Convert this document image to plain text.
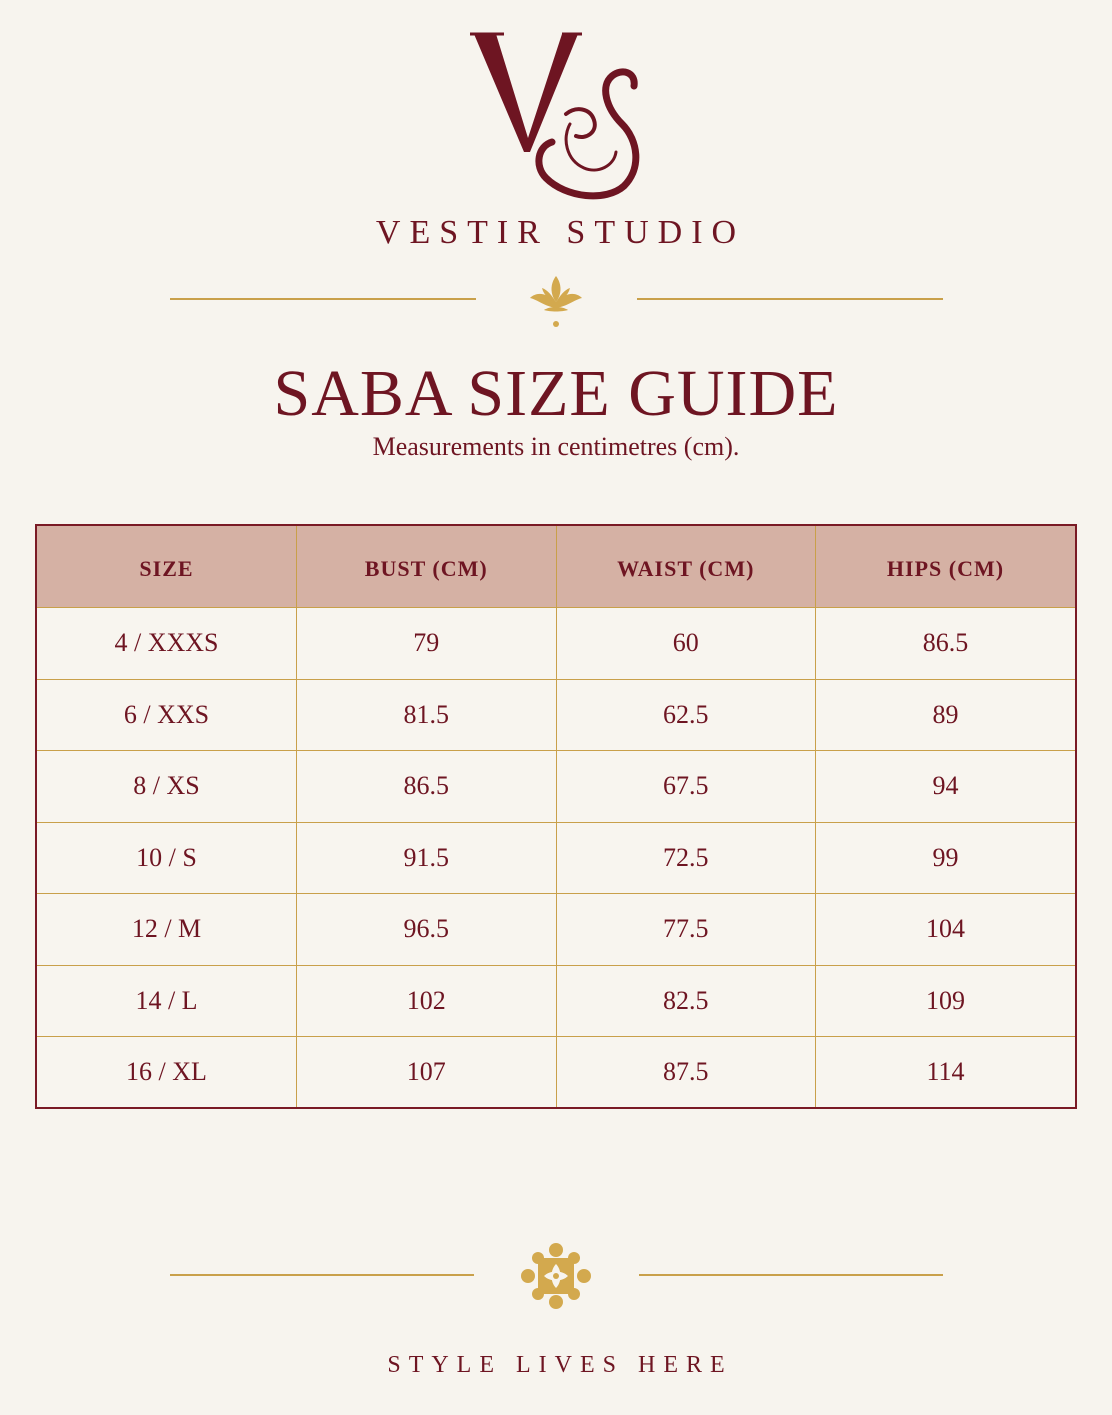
VESTIR STUDIO
SABA SIZE GUIDE
Measurements in centimetres (cm).
SIZE	BUST (CM)	WAIST (CM)	HIPS (CM)
4 / XXXS	79	60	86.5
6 / XXS	81.5	62.5	89
8 / XS	86.5	67.5	94
10 / S	91.5	72.5	99
12 / M	96.5	77.5	104
14 / L	102	82.5	109
16 / XL	107	87.5	114
STYLE LIVES HERE
